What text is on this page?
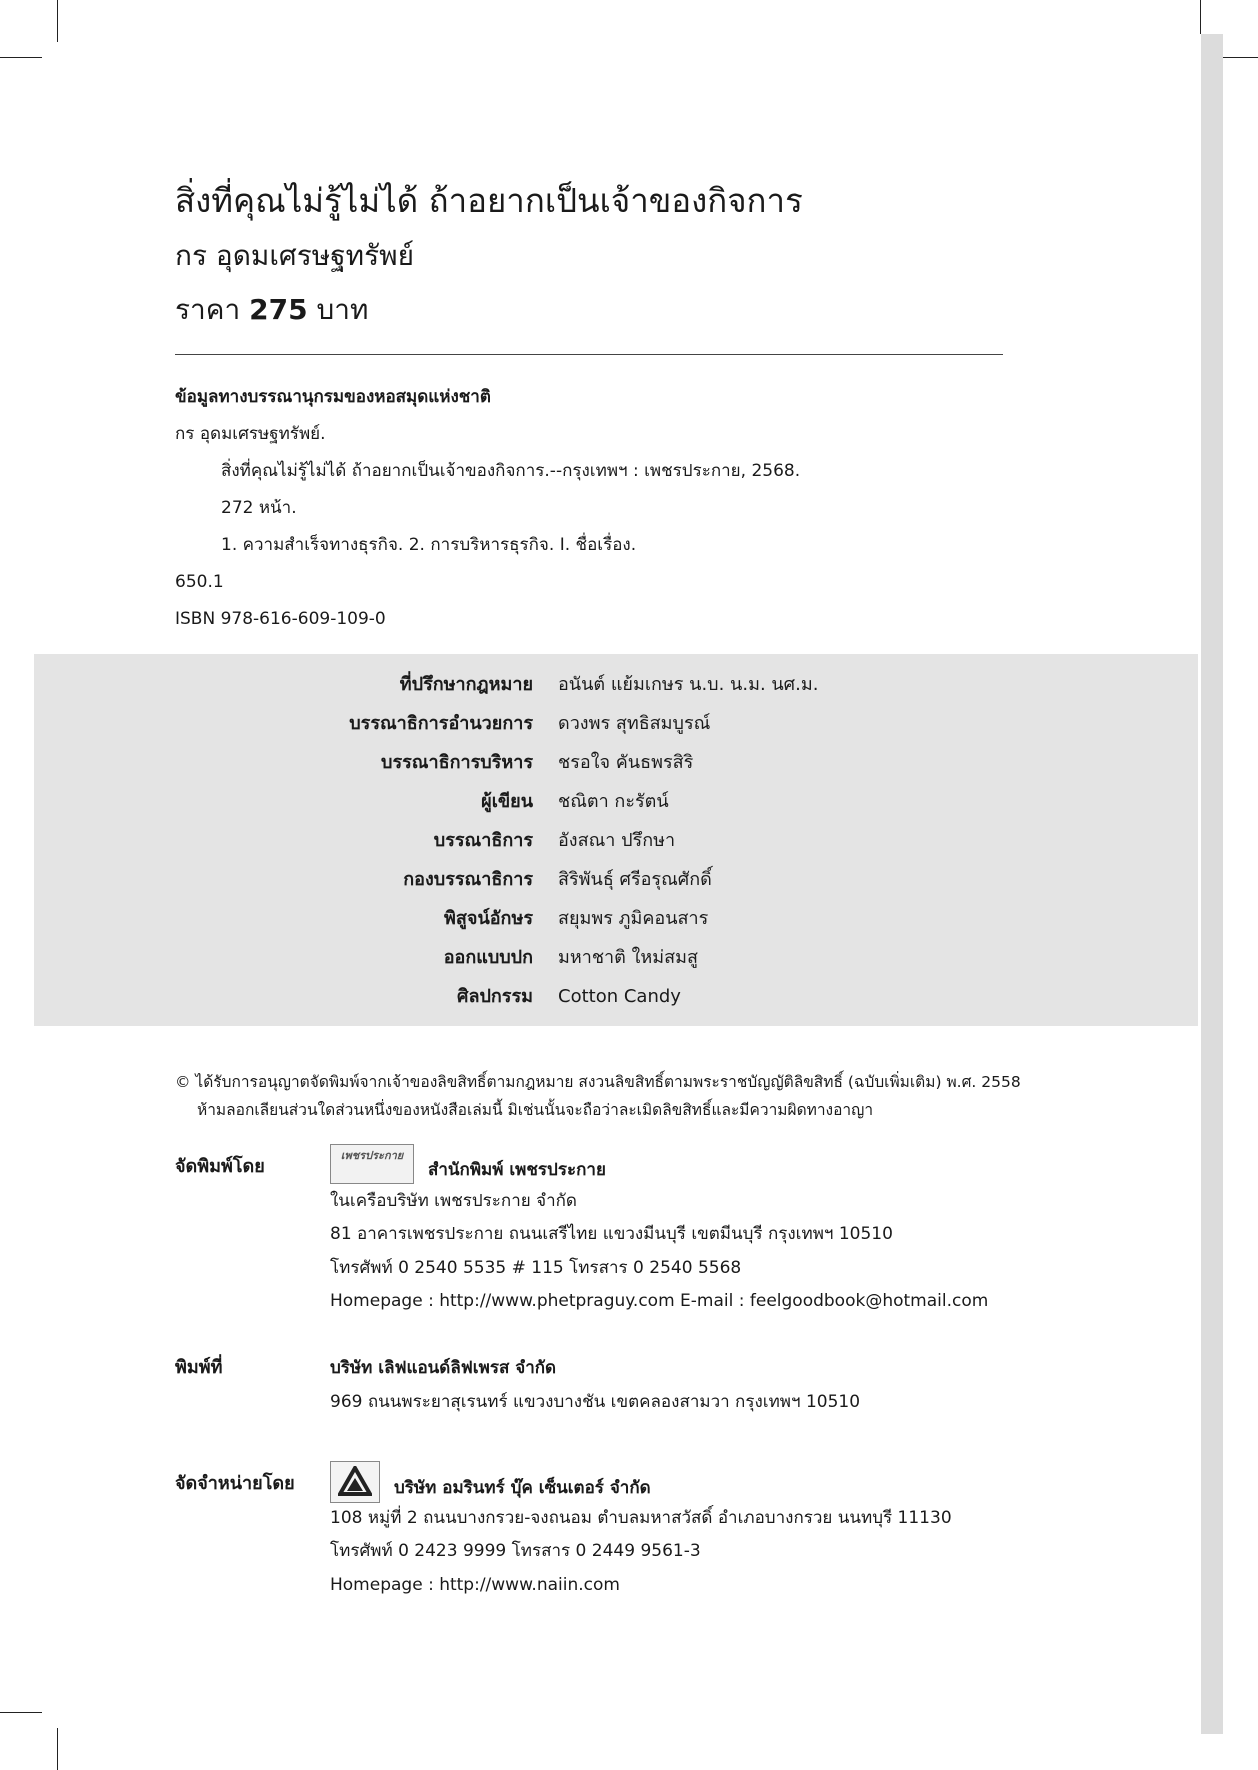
สิ่งที่คุณไม่รู้ไม่ได้ ถ้าอยากเป็นเจ้าของกิจการ
กร อุดมเศรษฐทรัพย์
ราคา 275 บาท
ข้อมูลทางบรรณานุกรมของหอสมุดแห่งชาติ
กร อุดมเศรษฐทรัพย์.
สิ่งที่คุณไม่รู้ไม่ได้ ถ้าอยากเป็นเจ้าของกิจการ.--กรุงเทพฯ : เพชรประกาย, 2568.
272 หน้า.
1. ความสำเร็จทางธุรกิจ. 2. การบริหารธุรกิจ. I. ชื่อเรื่อง.
650.1
ISBN 978-616-609-109-0
ที่ปรึกษากฎหมาย อนันต์ แย้มเกษร น.บ. น.ม. นศ.ม.
บรรณาธิการอำนวยการ ดวงพร สุทธิสมบูรณ์
บรรณาธิการบริหาร ชรอใจ คันธพรสิริ
ผู้เขียน ชณิตา กะรัตน์
บรรณาธิการ อังสณา ปรึกษา
กองบรรณาธิการ สิริพันธุ์ ศรีอรุณศักดิ์
พิสูจน์อักษร สยุมพร ภูมิคอนสาร
ออกแบบปก มหาชาติ ใหม่สมสู
ศิลปกรรม Cotton Candy
© ได้รับการอนุญาตจัดพิมพ์จากเจ้าของลิขสิทธิ์ตามกฎหมาย สงวนลิขสิทธิ์ตามพระราชบัญญัติลิขสิทธิ์ (ฉบับเพิ่มเติม) พ.ศ. 2558
ห้ามลอกเลียนส่วนใดส่วนหนึ่งของหนังสือเล่มนี้ มิเช่นนั้นจะถือว่าละเมิดลิขสิทธิ์และมีความผิดทางอาญา
จัดพิมพ์โดย
เพชรประกายสำนักพิมพ์ เพชรประกาย
ในเครือบริษัท เพชรประกาย จำกัด
81 อาคารเพชรประกาย ถนนเสรีไทย แขวงมีนบุรี เขตมีนบุรี กรุงเทพฯ 10510
โทรศัพท์ 0 2540 5535 # 115 โทรสาร 0 2540 5568
Homepage : http://www.phetpraguy.com E-mail : feelgoodbook@hotmail.com
พิมพ์ที่	บริษัท เลิฟแอนด์ลิฟเพรส จำกัด
969 ถนนพระยาสุเรนทร์ แขวงบางชัน เขตคลองสามวา กรุงเทพฯ 10510
จัดจำหน่ายโดย	บริษัท อมรินทร์ บุ๊ค เซ็นเตอร์ จำกัด
108 หมู่ที่ 2 ถนนบางกรวย-จงถนอม ตำบลมหาสวัสดิ์ อำเภอบางกรวย นนทบุรี 11130
โทรศัพท์ 0 2423 9999 โทรสาร 0 2449 9561-3
Homepage : http://www.naiin.com
